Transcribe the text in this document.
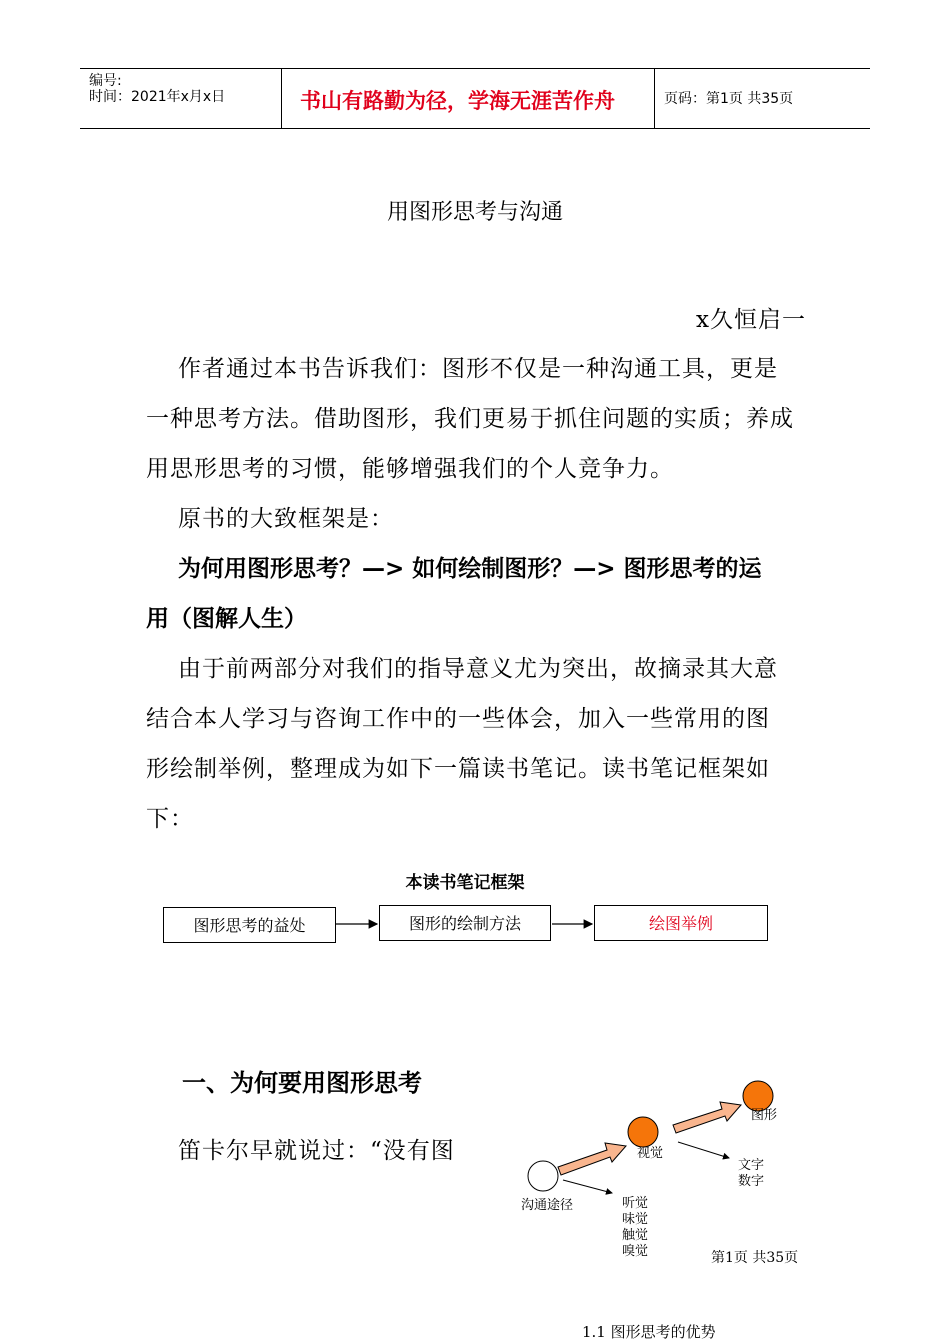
编号:
时间：2021年x月x日	书山有路勤为径，学海无涯苦作舟	页码：第1页 共35页
用图形思考与沟通
x久恒启一
作者通过本书告诉我们：图形不仅是一种沟通工具，更是
一种思考方法。借助图形，我们更易于抓住问题的实质；养成
用思形思考的习惯，能够增强我们的个人竞争力。
原书的大致框架是：
为何用图形思考？—> 如何绘制图形？—> 图形思考的运
用（图解人生）
由于前两部分对我们的指导意义尤为突出，故摘录其大意
结合本人学习与咨询工作中的一些体会，加入一些常用的图
形绘制举例，整理成为如下一篇读书笔记。读书笔记框架如
下：
本读书笔记框架
图形思考的益处	图形的绘制方法	绘图举例
一、为何要用图形思考
笛卡尔早就说过：“没有图
沟通途径	听觉
味觉
触觉
嗅觉
视觉
图形
文字
数字
第1页 共35页
1.1 图形思考的优势
